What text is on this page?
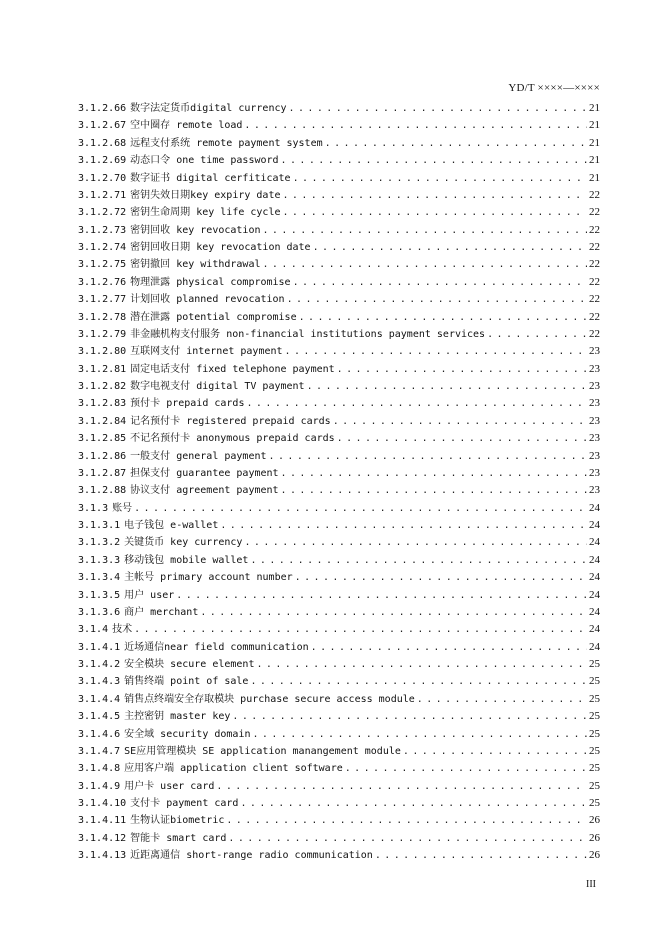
YD/T ××××—××××
3.1.2.66 数字法定货币digital currency . . .	21
3.1.2.67 空中圈存 remote load . . .	21
3.1.2.68 远程支付系统 remote payment system . . .	21
3.1.2.69 动态口令 one time password . . .	21
3.1.2.70 数字证书 digital cerfiticate . . .	21
3.1.2.71 密钥失效日期key expiry date . . .	22
3.1.2.72 密钥生命周期 key life cycle . . .	22
3.1.2.73 密钥回收 key revocation . . .	22
3.1.2.74 密钥回收日期 key revocation date . . .	22
3.1.2.75 密钥撤回 key withdrawal . . .	22
3.1.2.76 物理泄露 physical compromise . . .	22
3.1.2.77 计划回收 planned revocation . . .	22
3.1.2.78 潜在泄露 potential compromise . . .	22
3.1.2.79 非金融机构支付服务 non-financial institutions payment services . . .	22
3.1.2.80 互联网支付 internet payment . . .	23
3.1.2.81 固定电话支付 fixed telephone payment . . .	23
3.1.2.82 数字电视支付 digital TV payment . . .	23
3.1.2.83 预付卡 prepaid cards . . .	23
3.1.2.84 记名预付卡 registered prepaid cards . . .	23
3.1.2.85 不记名预付卡 anonymous prepaid cards . . .	23
3.1.2.86 一般支付 general payment . . .	23
3.1.2.87 担保支付 guarantee payment . . .	23
3.1.2.88 协议支付 agreement payment . . .	23
3.1.3 账号 . . .	24
3.1.3.1 电子钱包 e-wallet . . .	24
3.1.3.2 关键货币 key currency . . .	24
3.1.3.3 移动钱包 mobile wallet . . .	24
3.1.3.4 主帐号 primary account number . . .	24
3.1.3.5 用户 user . . .	24
3.1.3.6 商户 merchant . . .	24
3.1.4 技术 . . .	24
3.1.4.1 近场通信near field communication . . .	24
3.1.4.2 安全模块 secure element . . .	25
3.1.4.3 销售终端 point of sale . . .	25
3.1.4.4 销售点终端安全存取模块 purchase secure access module . . .	25
3.1.4.5 主控密钥 master key . . .	25
3.1.4.6 安全域 security domain . . .	25
3.1.4.7 SE应用管理模块 SE application manangement module . . .	25
3.1.4.8 应用客户端 application client software . . .	25
3.1.4.9 用户卡 user card . . .	25
3.1.4.10 支付卡 payment card . . .	25
3.1.4.11 生物认证biometric . . .	26
3.1.4.12 智能卡 smart card . . .	26
3.1.4.13 近距离通信 short-range radio communication . . .	26
III
